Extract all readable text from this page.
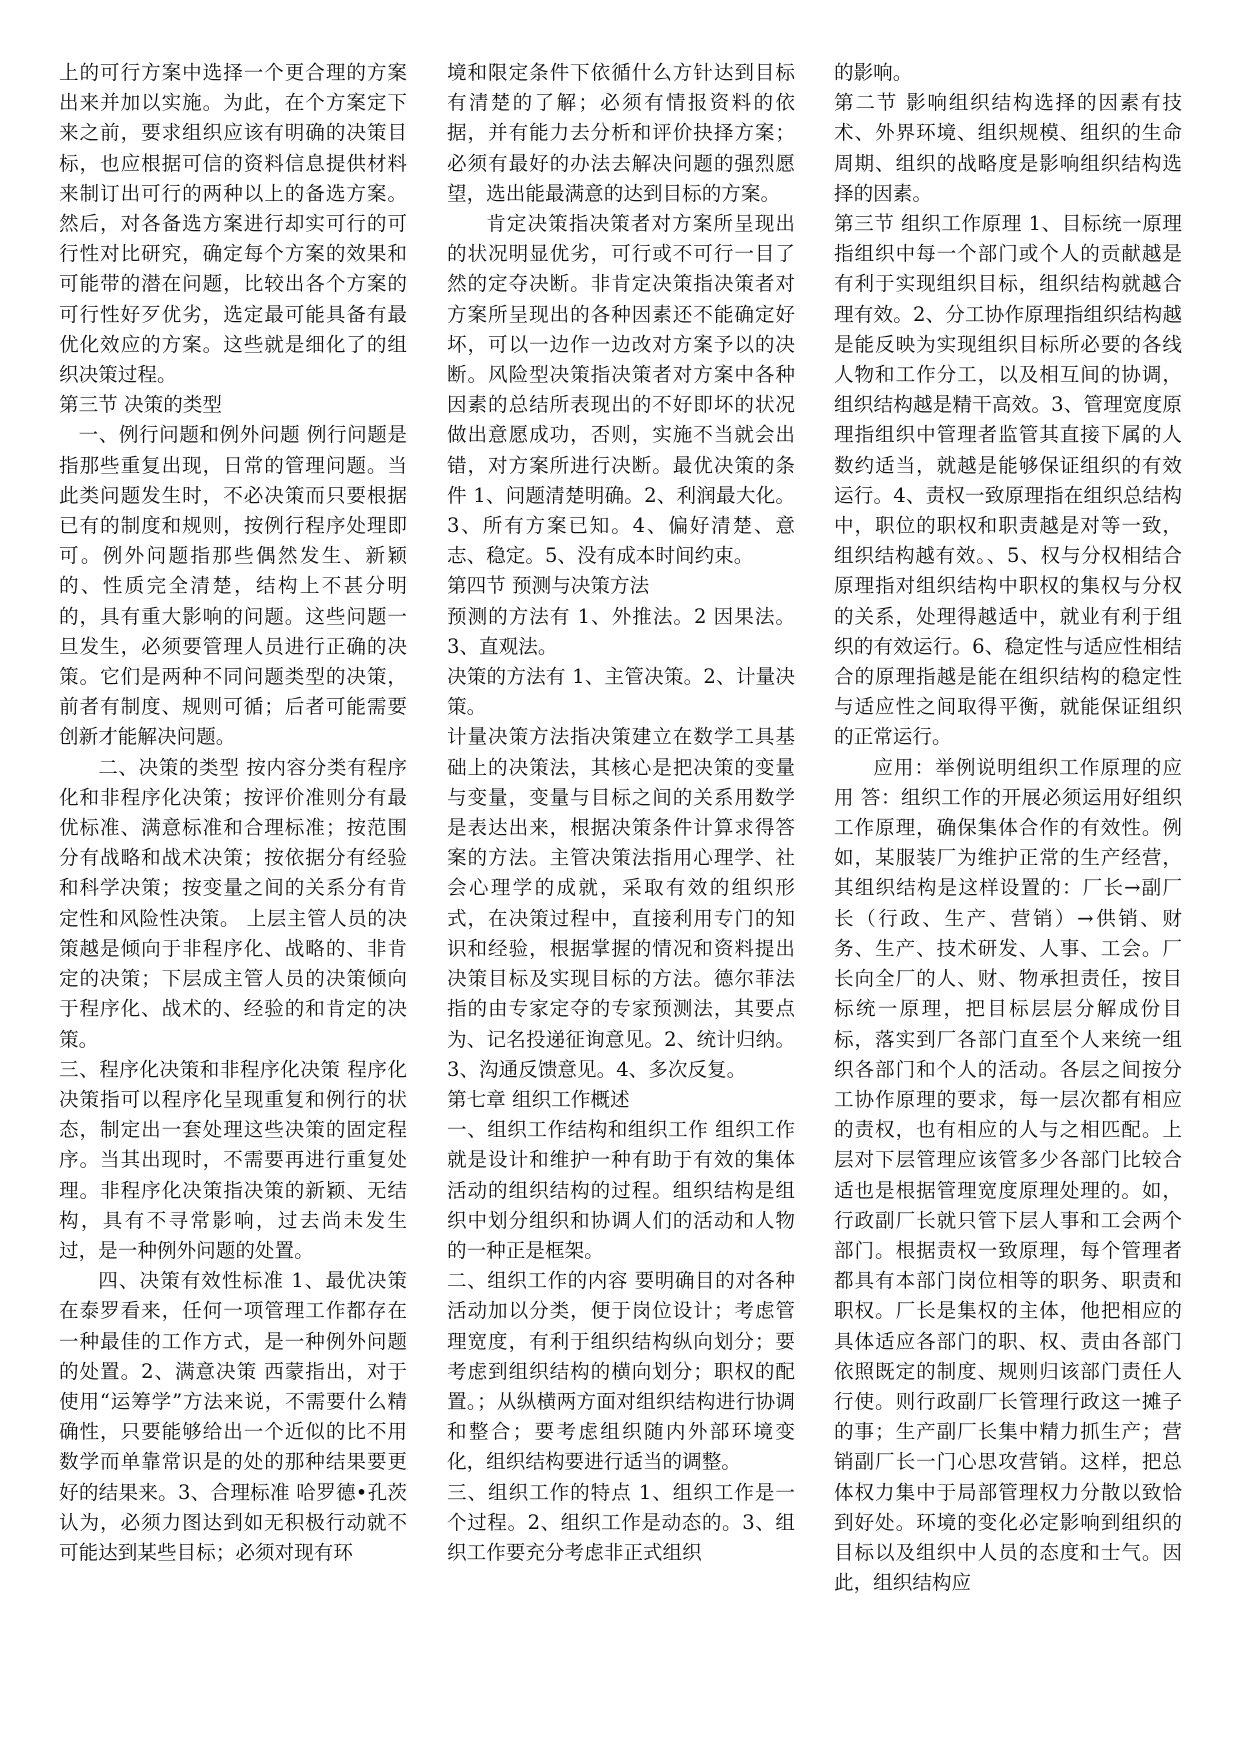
上的可行方案中选择一个更合理的方案出来并加以实施。为此，在个方案定下来之前，要求组织应该有明确的决策目标，也应根据可信的资料信息提供材料来制订出可行的两种以上的备选方案。然后，对各备选方案进行却实可行的可行性对比研究，确定每个方案的效果和可能带的潜在问题，比较出各个方案的可行性好歹优劣，选定最可能具备有最优化效应的方案。这些就是细化了的组织决策过程。

第三节 决策的类型

一、例行问题和例外问题 例行问题是指那些重复出现，日常的管理问题。当此类问题发生时，不必决策而只要根据已有的制度和规则，按例行程序处理即可。例外问题指那些偶然发生、新颖的、性质完全清楚，结构上不甚分明的，具有重大影响的问题。这些问题一旦发生，必须要管理人员进行正确的决策。它们是两种不同问题类型的决策，前者有制度、规则可循；后者可能需要创新才能解决问题。

二、决策的类型 按内容分类有程序化和非程序化决策；按评价准则分有最优标准、满意标准和合理标准；按范围分有战略和战术决策；按依据分有经验和科学决策；按变量之间的关系分有肯定性和风险性决策。 上层主管人员的决策越是倾向于非程序化、战略的、非肯定的决策；下层成主管人员的决策倾向于程序化、战术的、经验的和肯定的决策。

三、程序化决策和非程序化决策 程序化决策指可以程序化呈现重复和例行的状态，制定出一套处理这些决策的固定程序。当其出现时，不需要再进行重复处理。非程序化决策指决策的新颖、无结构，具有不寻常影响，过去尚未发生过，是一种例外问题的处置。

四、决策有效性标准 1、最优决策 在泰罗看来，任何一项管理工作都存在一种最佳的工作方式，是一种例外问题的处置。2、满意决策 西蒙指出，对于使用“运筹学”方法来说，不需要什么精确性，只要能够给出一个近似的比不用数学而单靠常识是的处的那种结果要更好的结果来。3、合理标准 哈罗德•孔茨认为，必须力图达到如无积极行动就不可能达到某些目标；必须对现有环

境和限定条件下依循什么方针达到目标有清楚的了解；必须有情报资料的依据，并有能力去分析和评价抉择方案；必须有最好的办法去解决问题的强烈愿望，选出能最满意的达到目标的方案。

肯定决策指决策者对方案所呈现出的状况明显优劣，可行或不可行一目了然的定夺决断。非肯定决策指决策者对方案所呈现出的各种因素还不能确定好坏，可以一边作一边改对方案予以的决断。风险型决策指决策者对方案中各种因素的总结所表现出的不好即坏的状况做出意愿成功，否则，实施不当就会出错，对方案所进行决断。最优决策的条件 1、问题清楚明确。2、利润最大化。3、所有方案已知。4、偏好清楚、意志、稳定。5、没有成本时间约束。

第四节 预测与决策方法

预测的方法有 1、外推法。2 因果法。3、直观法。

决策的方法有 1、主管决策。2、计量决策。

计量决策方法指决策建立在数学工具基础上的决策法，其核心是把决策的变量与变量，变量与目标之间的关系用数学是表达出来，根据决策条件计算求得答案的方法。主管决策法指用心理学、社会心理学的成就，采取有效的组织形式，在决策过程中，直接利用专门的知识和经验，根据掌握的情况和资料提出决策目标及实现目标的方法。德尔菲法指的由专家定夺的专家预测法，其要点为、记名投递征询意见。2、统计归纳。3、沟通反馈意见。4、多次反复。

第七章 组织工作概述

一、组织工作结构和组织工作 组织工作就是设计和维护一种有助于有效的集体活动的组织结构的过程。组织结构是组织中划分组织和协调人们的活动和人物的一种正是框架。

二、组织工作的内容 要明确目的对各种活动加以分类，便于岗位设计；考虑管理宽度，有利于组织结构纵向划分；要考虑到组织结构的横向划分；职权的配置。；从纵横两方面对组织结构进行协调和整合；要考虑组织随内外部环境变化，组织结构要进行适当的调整。

三、组织工作的特点 1、组织工作是一个过程。2、组织工作是动态的。3、组织工作要充分考虑非正式组织

的影响。

第二节 影响组织结构选择的因素有技术、外界环境、组织规模、组织的生命周期、组织的战略度是影响组织结构选择的因素。

第三节 组织工作原理 1、目标统一原理指组织中每一个部门或个人的贡献越是有利于实现组织目标，组织结构就越合理有效。2、分工协作原理指组织结构越是能反映为实现组织目标所必要的各线人物和工作分工，以及相互间的协调，组织结构越是精干高效。3、管理宽度原理指组织中管理者监管其直接下属的人数约适当，就越是能够保证组织的有效运行。4、责权一致原理指在组织总结构中，职位的职权和职责越是对等一致，组织结构越有效。、5、权与分权相结合原理指对组织结构中职权的集权与分权的关系，处理得越适中，就业有利于组织的有效运行。6、稳定性与适应性相结合的原理指越是能在组织结构的稳定性与适应性之间取得平衡，就能保证组织的正常运行。

应用：举例说明组织工作原理的应用 答：组织工作的开展必须运用好组织工作原理，确保集体合作的有效性。例如，某服装厂为维护正常的生产经营，其组织结构是这样设置的：厂长→副厂长（行政、生产、营销）→供销、财务、生产、技术研发、人事、工会。厂长向全厂的人、财、物承担责任，按目标统一原理，把目标层层分解成份目标，落实到厂各部门直至个人来统一组织各部门和个人的活动。各层之间按分工协作原理的要求，每一层次都有相应的责权，也有相应的人与之相匹配。上层对下层管理应该管多少各部门比较合适也是根据管理宽度原理处理的。如，行政副厂长就只管下层人事和工会两个部门。根据责权一致原理，每个管理者都具有本部门岗位相等的职务、职责和职权。厂长是集权的主体，他把相应的具体适应各部门的职、权、责由各部门依照既定的制度、规则归该部门责任人行使。则行政副厂长管理行政这一摊子的事；生产副厂长集中精力抓生产；营销副厂长一门心思攻营销。这样，把总体权力集中于局部管理权力分散以致恰到好处。环境的变化必定影响到组织的目标以及组织中人员的态度和士气。因此，组织结构应
